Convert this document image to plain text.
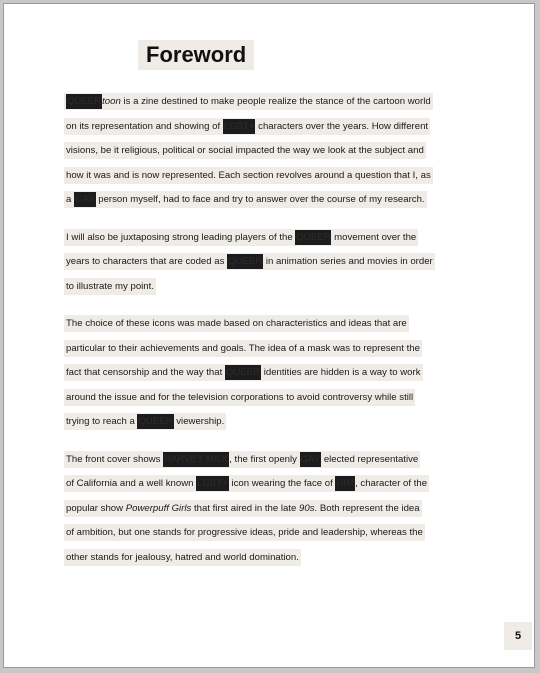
Foreword
QUEERtoon is a zine destined to make people realize the stance of the cartoon world
on its representation and showing of LGBT+ characters over the years. How different
visions, be it religious, political or social impacted the way we look at the subject and
how it was and is now represented. Each section revolves around a question that I, as
a GAY person myself, had to face and try to answer over the course of my research.
I will also be juxtaposing strong leading players of the QUEER movement over the
years to characters that are coded as QUEER in animation series and movies in order
to illustrate my point.
The choice of these icons was made based on characteristics and ideas that are
particular to their achievements and goals. The idea of a mask was to represent the
fact that censorship and the way that QUEER identities are hidden is a way to work
around the issue and for the television corporations to avoid controversy while still
trying to reach a QUEER viewership.
The front cover shows HARVEY MILK, the first openly GAY elected representative
of California and a well known LGBT+ icon wearing the face of HIM, character of the
popular show Powerpuff Girls that first aired in the late 90s. Both represent the idea
of ambition, but one stands for progressive ideas, pride and leadership, whereas the
other stands for jealousy, hatred and world domination.
5
